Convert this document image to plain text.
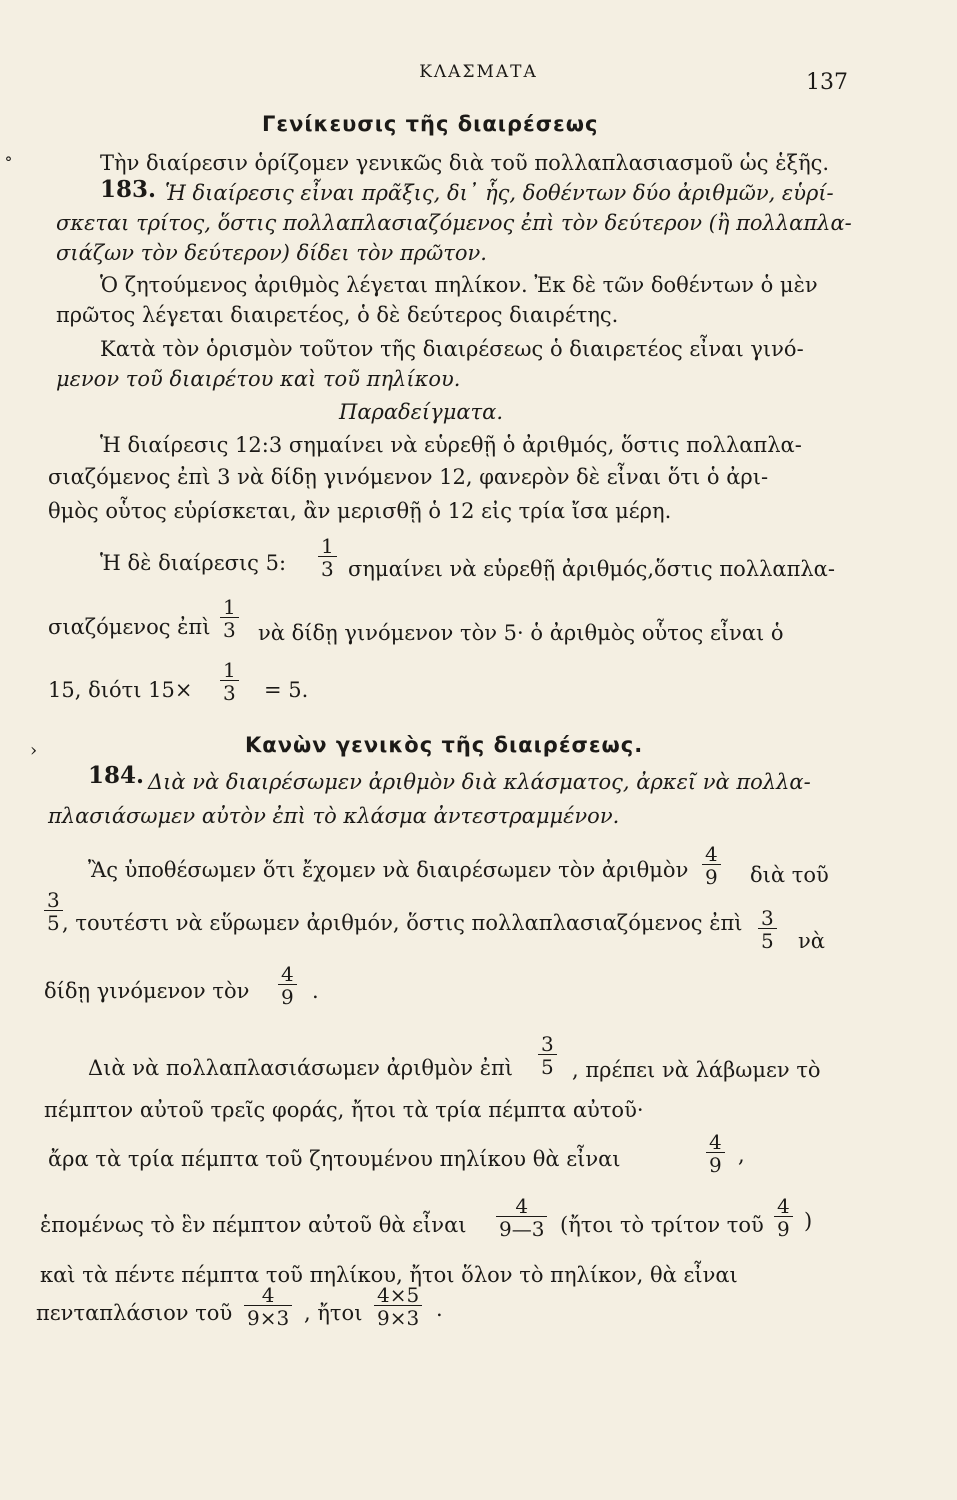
ΚΛΑΣΜΑΤΑ	137
Γενίκευσις τῆς διαιρέσεως
Τὴν διαίρεσιν ὁρίζομεν γενικῶς διὰ τοῦ πολλαπλασιασμοῦ ὡς ἑξῆς.
183. Ἡ διαίρεσις εἶναι πρᾶξις, δι᾽ ἧς, δοθέντων δύο ἀριθμῶν, εὑρί-
σκεται τρίτος, ὅστις πολλαπλασιαζόμενος ἐπὶ τὸν δεύτερον (ἢ πολλαπλα-
σιάζων τὸν δεύτερον) δίδει τὸν πρῶτον.
Ὁ ζητούμενος ἀριθμὸς λέγεται πηλίκον. Ἐκ δὲ τῶν δοθέντων ὁ μὲν
πρῶτος λέγεται διαιρετέος, ὁ δὲ δεύτερος διαιρέτης.
Κατὰ τὸν ὁρισμὸν τοῦτον τῆς διαιρέσεως ὁ διαιρετέος εἶναι γινό-
μενον τοῦ διαιρέτου καὶ τοῦ πηλίκου.
Παραδείγματα.
Ἡ διαίρεσις 12:3 σημαίνει νὰ εὑρεθῇ ὁ ἀριθμός, ὅστις πολλαπλα-
σιαζόμενος ἐπὶ 3 νὰ δίδῃ γινόμενον 12, φανερὸν δὲ εἶναι ὅτι ὁ ἀρι-
θμὸς οὗτος εὑρίσκεται, ἂν μερισθῇ ὁ 12 εἰς τρία ἴσα μέρη.
Ἡ δὲ διαίρεσις 5: $\frac{1}{3}$ σημαίνει νὰ εὑρεθῇ ἀριθμός,ὅστις πολλαπλα-
σιαζόμενος ἐπὶ $\frac{1}{3}$ νὰ δίδῃ γινόμενον τὸν 5· ὁ ἀριθμὸς οὗτος εἶναι ὁ
15, διότι $15\times \frac{1}{3} = 5$.
Κανὼν γενικὸς τῆς διαιρέσεως.
184. Διὰ νὰ διαιρέσωμεν ἀριθμὸν διὰ κλάσματος, ἀρκεῖ νὰ πολλα-
πλασιάσωμεν αὐτὸν ἐπὶ τὸ κλάσμα ἀντεστραμμένον.
Ἂς ὑποθέσωμεν ὅτι ἔχομεν νὰ διαιρέσωμεν τὸν ἀριθμὸν $\frac{4}{9}$ διὰ τοῦ
$\frac{3}{5}$ , τουτέστι νὰ εὕρωμεν ἀριθμόν, ὅστις πολλαπλασιαζόμενος ἐπὶ $\frac{3}{5}$ νὰ
δίδῃ γινόμενον τὸν $\frac{4}{9}$ .
Διὰ νὰ πολλαπλασιάσωμεν ἀριθμὸν ἐπὶ $\frac{3}{5}$ , πρέπει νὰ λάβωμεν τὸ
πέμπτον αὐτοῦ τρεῖς φοράς, ἤτοι τὰ τρία πέμπτα αὐτοῦ·
ἄρα τὰ τρία πέμπτα τοῦ ζητουμένου πηλίκου θὰ εἶναι	$\frac{4}{9}$ ,
ἑπομένως τὸ ἓν πέμπτον αὐτοῦ θὰ εἶναι $\frac{4}{9—3}$ (ἤτοι τὸ τρίτον τοῦ $\frac{4}{9}$ )
καὶ τὰ πέντε πέμπτα τοῦ πηλίκου, ἤτοι ὅλον τὸ πηλίκον, θὰ εἶναι
πενταπλάσιον τοῦ $\frac{4}{9\times 3}$ , ἤτοι $\frac{4\times 5}{9\times 3}$ .
˚
›
